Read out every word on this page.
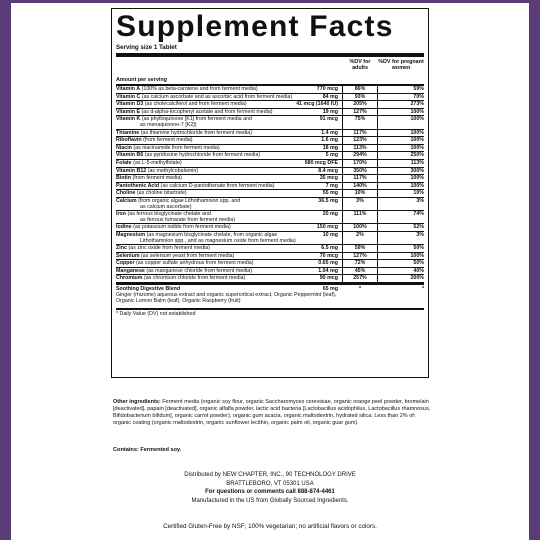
Supplement Facts
Serving size 1 Tablet
Amount per serving
%DV for adults
%DV for pregnant women
Vitamin A (100% as beta-carotene and from ferment media)	770 mcg	86%	59%
Vitamin C (as calcium ascorbate and as ascorbic acid from ferment media)	84 mg	93%	70%
Vitamin D3 (as cholecalciferol and from ferment media)	41 mcg (1640 IU)	205%	273%
Vitamin E (as d-alpha-tocopheryl acetate and from ferment media)	19 mg	127%	100%
Vitamin K (as phylloquinone [K1] from ferment media and
as menaquinone-7 [K2])
91 mcg	75%	100%
Thiamine (as thiamine hydrochloride from ferment media)	1.4 mg	117%	100%
Riboflavin (from ferment media)	1.6 mg	123%	100%
Niacin (as niacinamide from ferment media)	18 mg	113%	100%
Vitamin B6 (as pyridoxine hydrochloride from ferment media)	5 mg	294%	250%
Folate (as L-5-methylfolate)	680 mcg DFE	170%	113%
Vitamin B12 (as methylcobalamin)	8.4 mcg	350%	300%
Biotin (from ferment media)	35 mcg	117%	100%
Pantothenic Acid (as calcium D-pantothenate from ferment media)	7 mg	140%	100%
Choline (as choline bitartrate)	55 mg	10%	10%
Calcium (from organic algae Lithothamnion spp. and
as calcium ascorbate)
36.5 mg	3%	3%
Iron (as ferrous bisglycinate chelate and
as ferrous fumarate from ferment media)
20 mg	111%	74%
Iodine (as potassium iodide from ferment media)	150 mcg	100%	52%
Magnesium (as magnesium bisglycinate chelate, from organic algae
Lithothamnion spp., and as magnesium oxide from ferment media)
10 mg	2%	3%
Zinc (as zinc oxide from ferment media)	6.5 mg	59%	50%
Selenium (as selenium yeast from ferment media)	70 mcg	127%	100%
Copper (as copper sulfate anhydrous from ferment media)	0.65 mg	72%	50%
Manganese (as manganese chloride from ferment media)	1.04 mg	45%	40%
Chromium (as chromium chloride from ferment media)	90 mcg	257%	200%
Soothing Digestive Blend	65 mg	*	*
Ginger (rhizome) aqueous extract and organic supercritical extract, Organic Peppermint (leaf), Organic Lemon Balm (leaf), Organic Raspberry (fruit)
* Daily Value (DV) not established
Other ingredients: Ferment media (organic soy flour, organic Saccharomyces cerevisiae, organic orange peel powder, bromelain [deactivated], papain [deactivated], organic alfalfa powder, lactic acid bacteria [Lactobacillus acidophilus, Lactobacillus rhamnosus, Bifidobacterium bifidum], organic carrot powder), organic gum acacia, organic maltodextrin, hydrated silica; Less than 2% of: organic coating (organic maltodextrin, organic sunflower lecithin, organic palm oil, organic guar gum).
Contains: Fermented soy.
Distributed by NEW CHAPTER, INC., 90 TECHNOLOGY DRIVE
BRATTLEBORO, VT 05301 USA
For questions or comments call 888-874-4461
Manufactured in the US from Globally Sourced Ingredients.
Certified Gluten-Free by NSF; 100% vegetarian; no artificial flavors or colors.
